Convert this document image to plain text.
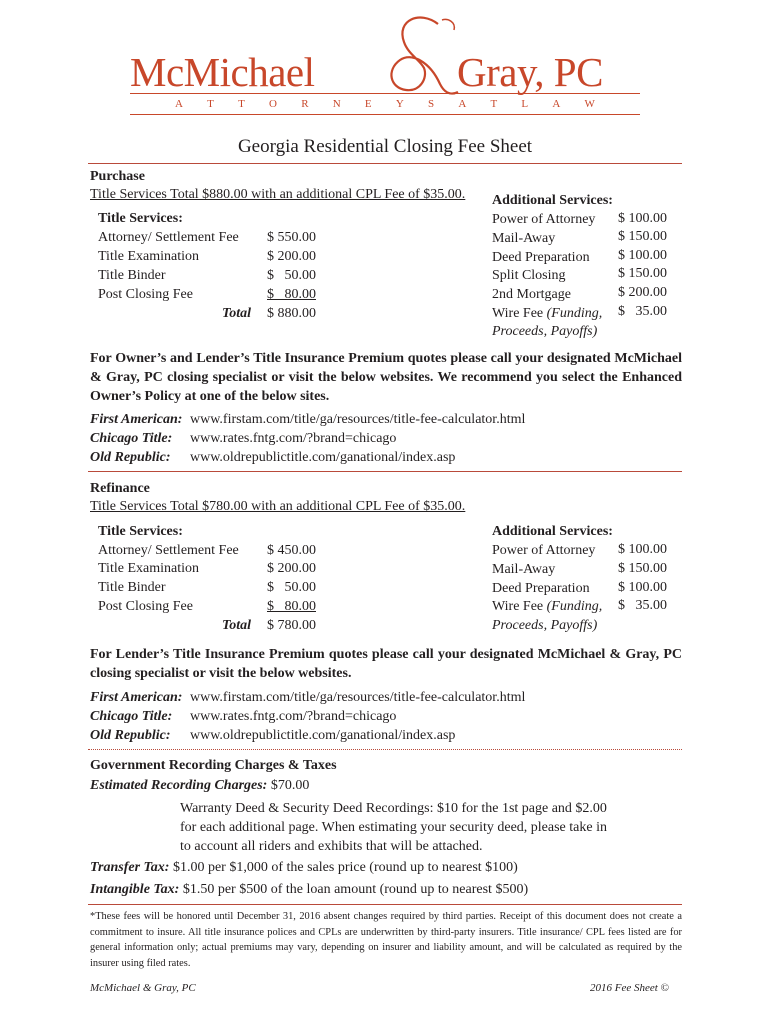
McMichael	Gray, PC
A T T O R N E Y S A T L A W
Georgia Residential Closing Fee Sheet
Purchase
Title Services Total $880.00 with an additional CPL Fee of $35.00.
Title Services:
Attorney/ Settlement Fee $ 550.00
Title Examination	$ 200.00
Title Binder	$   50.00
Post Closing Fee	$   80.00
Total $ 880.00
Additional Services:
Power of Attorney $ 100.00
Mail-Away	$ 150.00
Deed Preparation $ 100.00
Split Closing	$ 150.00
2nd Mortgage	$ 200.00
Wire Fee (Funding, $   35.00
Proceeds, Payoffs)
For Owner’s and Lender’s Title Insurance Premium quotes please call your designated McMichael & Gray, PC closing specialist or visit the below websites. We recommend you select the Enhanced Owner’s Policy at one of the below sites.
First American: www.firstam.com/title/ga/resources/title-fee-calculator.html
Chicago Title: www.rates.fntg.com/?brand=chicago
Old Republic: www.oldrepublictitle.com/ganational/index.asp
Refinance
Title Services Total $780.00 with an additional CPL Fee of $35.00.
Title Services:
Attorney/ Settlement Fee $ 450.00
Title Examination	$ 200.00
Title Binder	$   50.00
Post Closing Fee	$   80.00
Total $ 780.00
Additional Services:
Power of Attorney $ 100.00
Mail-Away	$ 150.00
Deed Preparation $ 100.00
Wire Fee (Funding, $   35.00
Proceeds, Payoffs)
For Lender’s Title Insurance Premium quotes please call your designated McMichael & Gray, PC closing specialist or visit the below websites.
First American: www.firstam.com/title/ga/resources/title-fee-calculator.html
Chicago Title: www.rates.fntg.com/?brand=chicago
Old Republic: www.oldrepublictitle.com/ganational/index.asp
Government Recording Charges & Taxes
Estimated Recording Charges: $70.00
Warranty Deed & Security Deed Recordings: $10 for the 1st page and $2.00
for each additional page. When estimating your security deed, please take in
to account all riders and exhibits that will be attached.
Transfer Tax: $1.00 per $1,000 of the sales price (round up to nearest $100)
Intangible Tax: $1.50 per $500 of the loan amount (round up to nearest $500)
*These fees will be honored until December 31, 2016 absent changes required by third parties. Receipt of this document does not create a commitment to insure. All title insurance polices and CPLs are underwritten by third-party insurers. Title insurance/ CPL fees listed are for general information only; actual premiums may vary, depending on insurer and liability amount, and will be calculated as required by the insurer using filed rates.
McMichael & Gray, PC	2016 Fee Sheet ©
